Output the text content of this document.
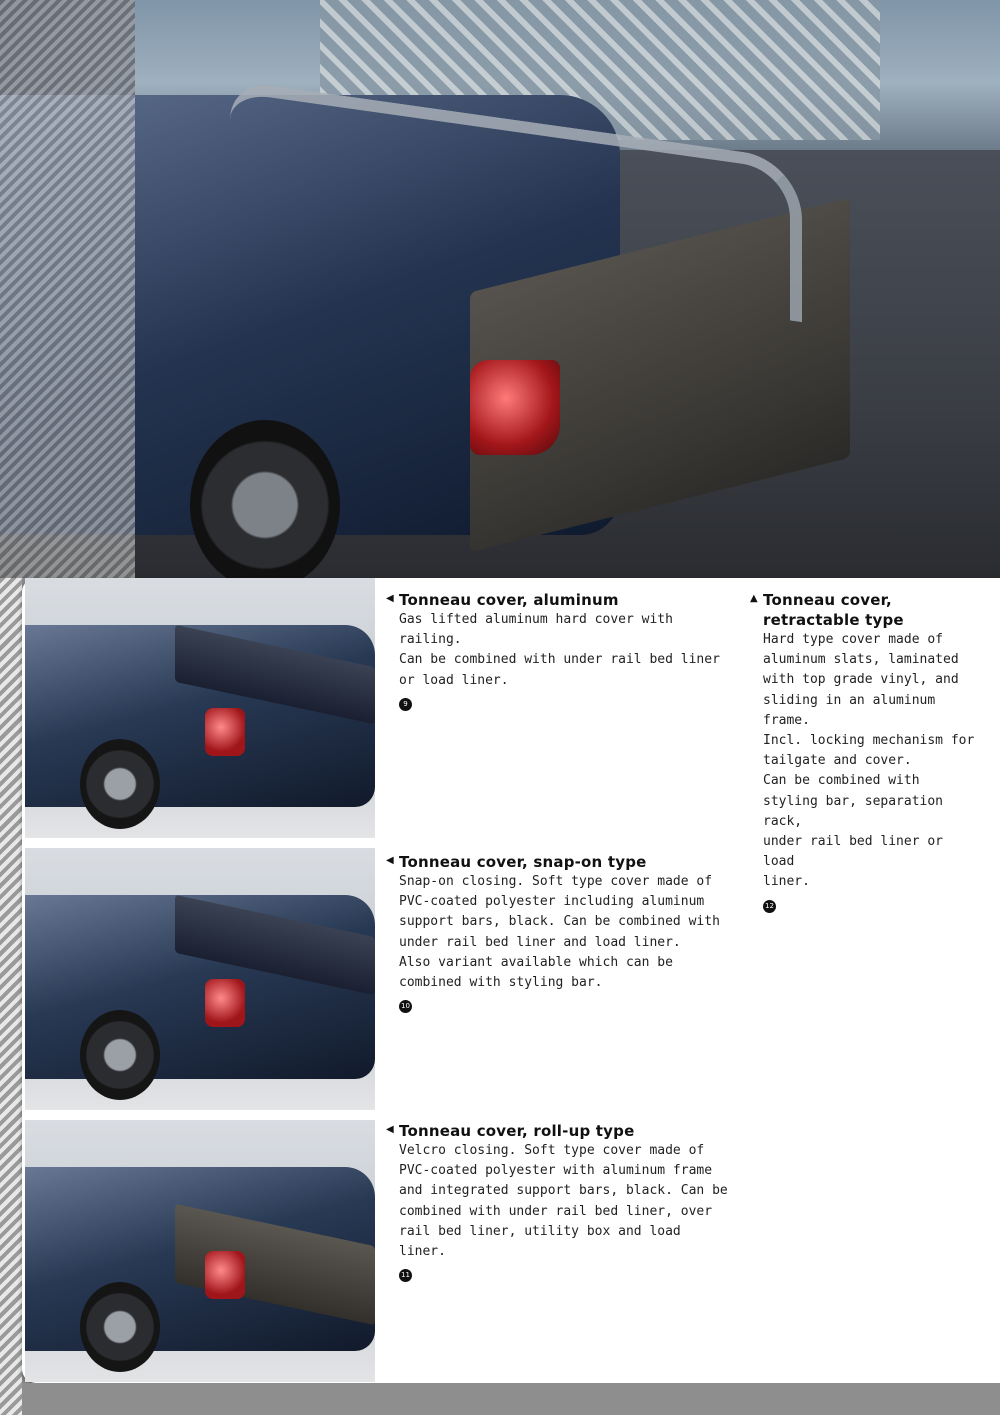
◀ Tonneau cover, aluminum

Gas lifted aluminum hard cover with
railing.
Can be combined with under rail bed liner
or load liner.

9
◀ Tonneau cover, snap-on type

Snap-on closing. Soft type cover made of
PVC-coated polyester including aluminum
support bars, black. Can be combined with
under rail bed liner and load liner.
Also variant available which can be
combined with styling bar.

10
◀ Tonneau cover, roll-up type

Velcro closing. Soft type cover made of
PVC-coated polyester with aluminum frame
and integrated support bars, black. Can be
combined with under rail bed liner, over
rail bed liner, utility box and load liner.

11
▲ Tonneau cover,
retractable type

Hard type cover made of
aluminum slats, laminated
with top grade vinyl, and
sliding in an aluminum
frame.
Incl. locking mechanism for
tailgate and cover.
Can be combined with
styling bar, separation rack,
under rail bed liner or load
liner.

12
